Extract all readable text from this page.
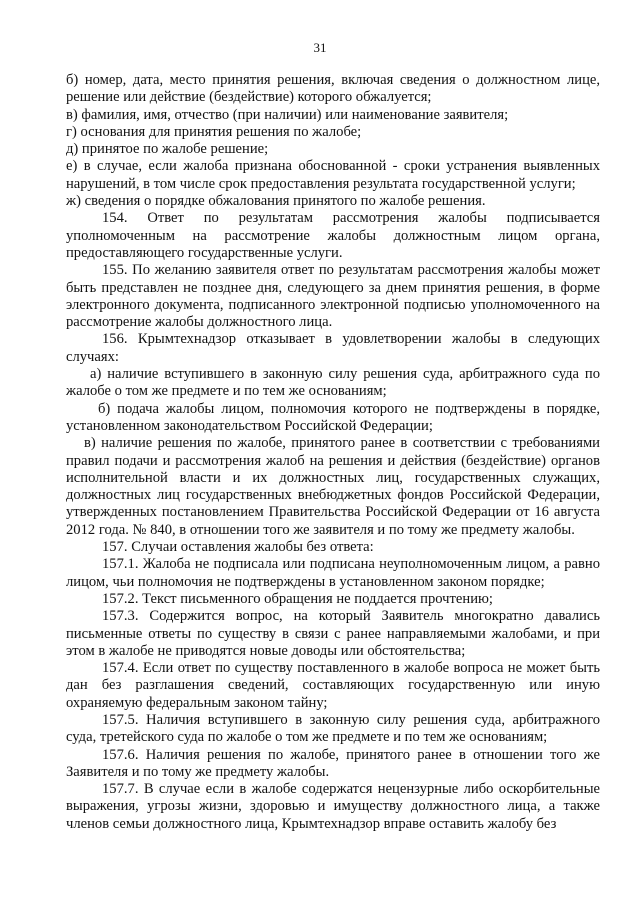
31

б) номер, дата, место принятия решения, включая сведения о должностном лице, решение или действие (бездействие) которого обжалуется;

в) фамилия, имя, отчество (при наличии) или наименование заявителя;

г) основания для принятия решения по жалобе;

д) принятое по жалобе решение;

е) в случае, если жалоба признана обоснованной - сроки устранения выявленных нарушений, в том числе срок предоставления результата государственной услуги;

ж) сведения о порядке обжалования принятого по жалобе решения.

154. Ответ по результатам рассмотрения жалобы подписывается уполномоченным на рассмотрение жалобы должностным лицом органа, предоставляющего государственные услуги.

155. По желанию заявителя ответ по результатам рассмотрения жалобы может быть представлен не позднее дня, следующего за днем принятия решения, в форме электронного документа, подписанного электронной подписью уполномоченного на рассмотрение жалобы должностного лица.

156. Крымтехнадзор отказывает в удовлетворении жалобы в следующих случаях:

а) наличие вступившего в законную силу решения суда, арбитражного суда по жалобе о том же предмете и по тем же основаниям;

б) подача жалобы лицом, полномочия которого не подтверждены в порядке, установленном законодательством Российской Федерации;

в) наличие решения по жалобе, принятого ранее в соответствии с требованиями правил подачи и рассмотрения жалоб на решения и действия (бездействие) органов исполнительной власти и их должностных лиц, государственных служащих, должностных лиц государственных внебюджетных фондов Российской Федерации, утвержденных постановлением Правительства Российской Федерации от 16 августа 2012 года. № 840, в отношении того же заявителя и по тому же предмету жалобы.

157. Случаи оставления жалобы без ответа:

157.1. Жалоба не подписала или подписана неуполномоченным лицом, а равно лицом, чьи полномочия не подтверждены в установленном законом порядке;

157.2. Текст письменного обращения не поддается прочтению;

157.3. Содержится вопрос, на который Заявитель многократно давались письменные ответы по существу в связи с ранее направляемыми жалобами, и при этом в жалобе не приводятся новые доводы или обстоятельства;

157.4. Если ответ по существу поставленного в жалобе вопроса не может быть дан без разглашения сведений, составляющих государственную или иную охраняемую федеральным законом тайну;

157.5. Наличия вступившего в законную силу решения суда, арбитражного суда, третейского суда по жалобе о том же предмете и по тем же основаниям;

157.6. Наличия решения по жалобе, принятого ранее в отношении того же Заявителя и по тому же предмету жалобы.

157.7. В случае если в жалобе содержатся нецензурные либо оскорбительные выражения, угрозы жизни, здоровью и имуществу должностного лица, а также членов семьи должностного лица, Крымтехнадзор вправе оставить жалобу без
